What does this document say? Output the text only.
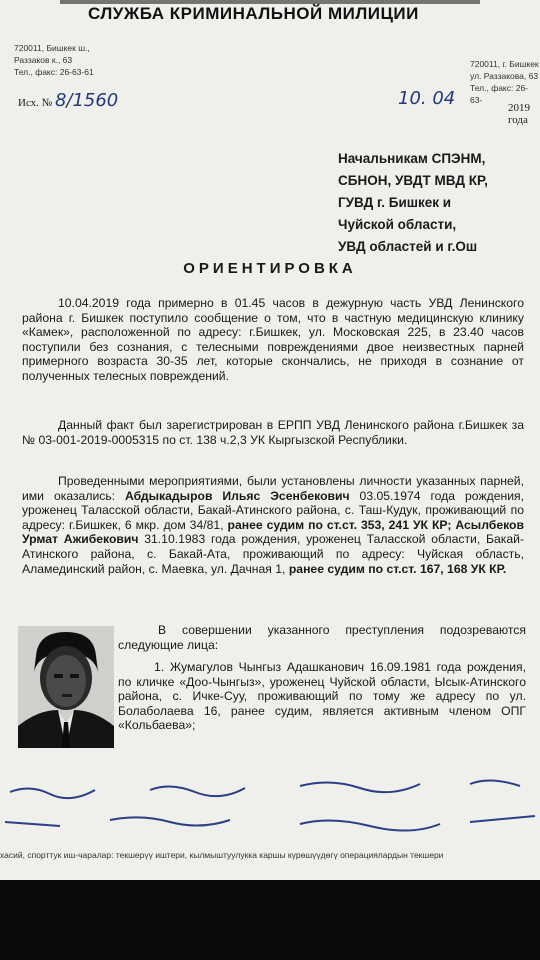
СЛУЖБА КРИМИНАЛЬНОЙ МИЛИЦИИ
720011, Бишкек ш.,
Раззаков к., 63
Тел., факс: 26-63-61
720011, г. Бишкек
ул. Раззакова, 63
Тел., факс: 26-63-
Исх. № 8/1560	10. 04	2019 года
Начальникам СПЭНМ,
СБНОН, УВДТ МВД КР,
ГУВД г. Бишкек и
Чуйской области,
УВД областей и г.Ош
ОРИЕНТИРОВКА

10.04.2019 года примерно в 01.45 часов в дежурную часть УВД Ленинского района г. Бишкек поступило сообщение о том, что в частную медицинскую клинику «Камек», расположенной по адресу: г.Бишкек, ул. Московская 225, в 23.40 часов поступили без сознания, с телесными повреждениями двое неизвестных парней примерного возраста 30-35 лет, которые скончались, не приходя в сознание от полученных телесных повреждений.

Данный факт был зарегистрирован в ЕРПП УВД Ленинского района г.Бишкек за № 03-001-2019-0005315 по ст. 138 ч.2,3 УК Кыргызской Республики.

Проведенными мероприятиями, были установлены личности указанных парней, ими оказались: Абдыкадыров Ильяс Эсенбекович 03.05.1974 года рождения, уроженец Таласской области, Бакай-Атинского района, с. Таш-Кудук, проживающий по адресу: г.Бишкек, 6 мкр. дом 34/81, ранее судим по ст.ст. 353, 241 УК КР; Асылбеков Урмат Ажибекович 31.10.1983 года рождения, уроженец Таласской области, Бакай-Атинского района, с. Бакай-Ата, проживающий по адресу: Чуйская область, Аламединский район, с. Маевка, ул. Дачная 1, ранее судим по ст.ст. 167, 168 УК КР.

В совершении указанного преступления подозреваются следующие лица:
1. Жумагулов Чынгыз Адашканович 16.09.1981 года рождения, по кличке «Доо-Чынгыз», уроженец Чуйской области, Ысык-Атинского района, с. Ичке-Суу, проживающий по тому же адресу по ул. Болаболаева 16, ранее судим, является активным членом ОПГ «Кольбаева»;
хасий, спорттук иш-чаралар: текшерүү иштери, кылмыштуулукка каршы күрөшүүдөгү операциялардын текшери
